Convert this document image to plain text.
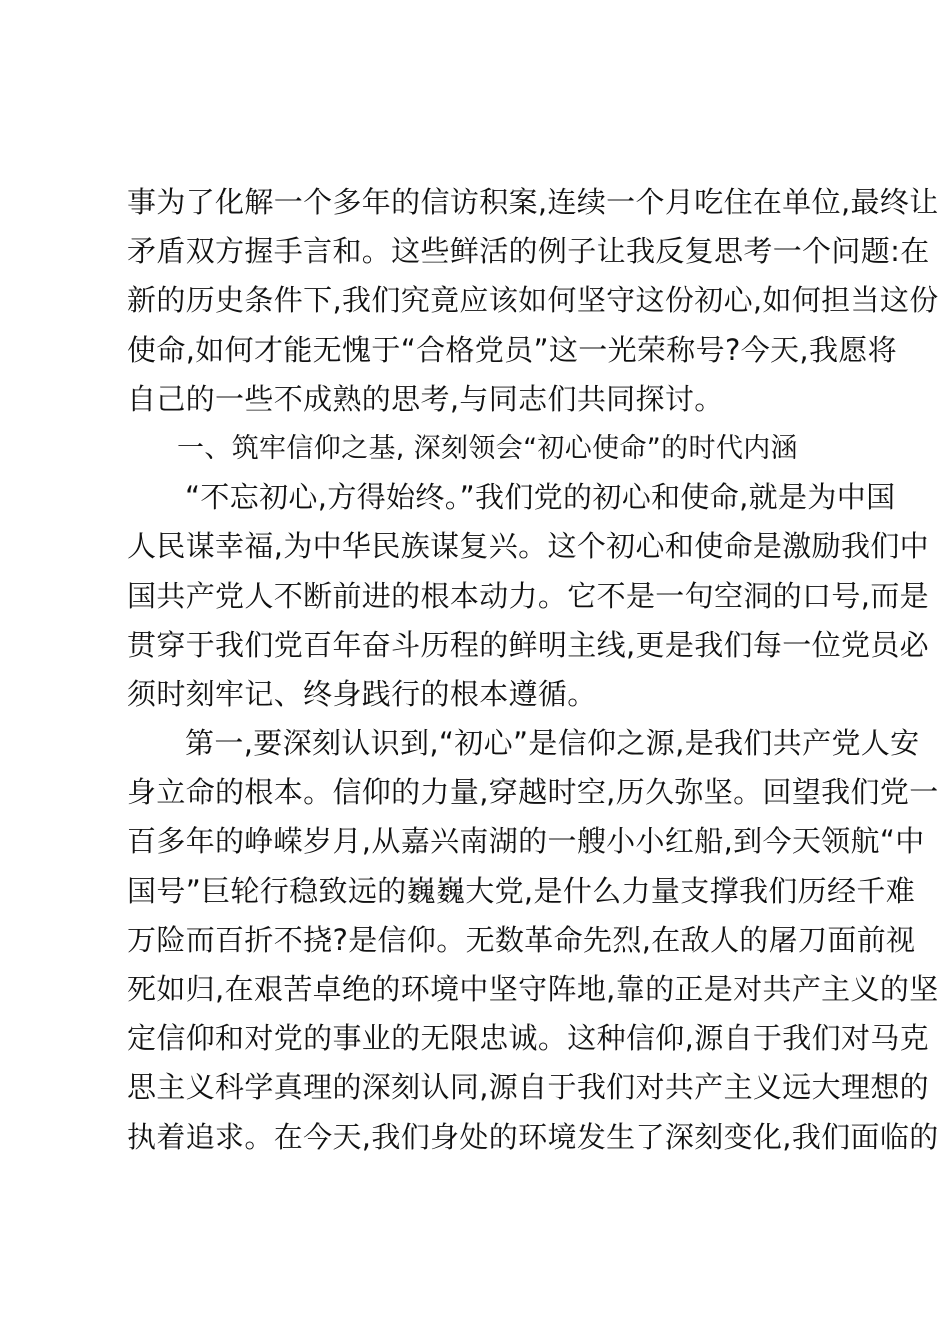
事为了化解一个多年的信访积案,连续一个月吃住在单位,最终让
矛盾双方握手言和。这些鲜活的例子让我反复思考一个问题:在
新的历史条件下,我们究竟应该如何坚守这份初心,如何担当这份
使命,如何才能无愧于“合格党员”这一光荣称号?今天,我愿将
自己的一些不成熟的思考,与同志们共同探讨。
一、筑牢信仰之基, 深刻领会“初心使命”的时代内涵
“不忘初心,方得始终。”我们党的初心和使命,就是为中国
人民谋幸福,为中华民族谋复兴。这个初心和使命是激励我们中
国共产党人不断前进的根本动力。它不是一句空洞的口号,而是
贯穿于我们党百年奋斗历程的鲜明主线,更是我们每一位党员必
须时刻牢记、终身践行的根本遵循。
第一,要深刻认识到,“初心”是信仰之源,是我们共产党人安
身立命的根本。信仰的力量,穿越时空,历久弥坚。回望我们党一
百多年的峥嵘岁月,从嘉兴南湖的一艘小小红船,到今天领航“中
国号”巨轮行稳致远的巍巍大党,是什么力量支撑我们历经千难
万险而百折不挠?是信仰。无数革命先烈,在敌人的屠刀面前视
死如归,在艰苦卓绝的环境中坚守阵地,靠的正是对共产主义的坚
定信仰和对党的事业的无限忠诚。这种信仰,源自于我们对马克
思主义科学真理的深刻认同,源自于我们对共产主义远大理想的
执着追求。在今天,我们身处的环境发生了深刻变化,我们面临的
